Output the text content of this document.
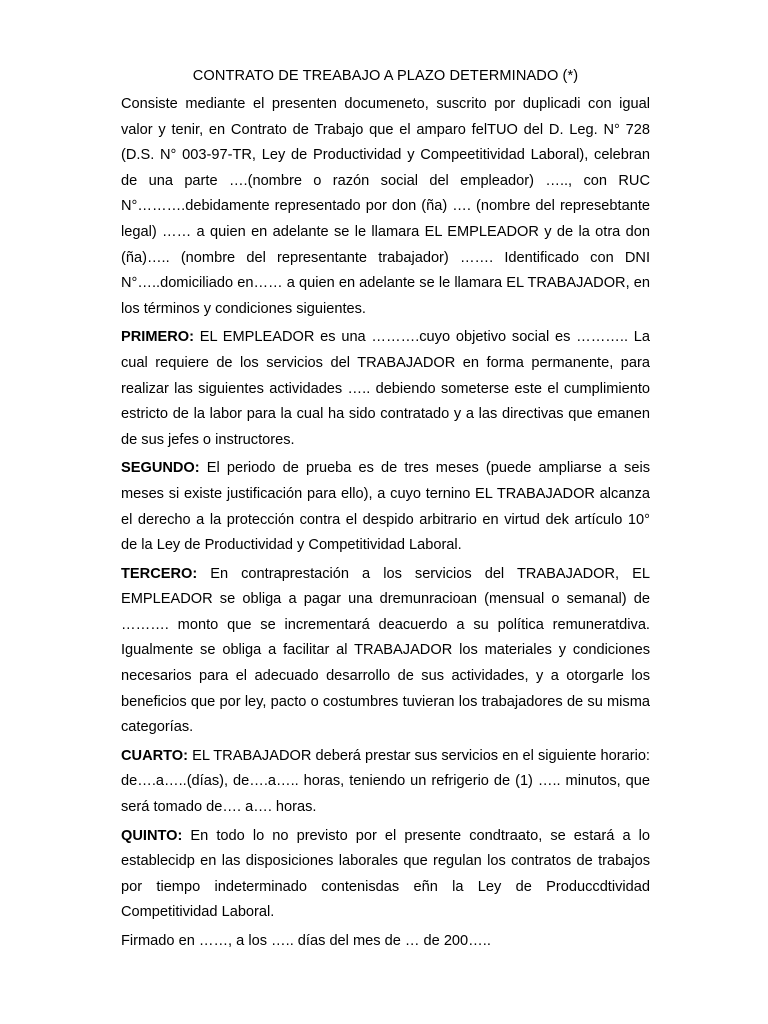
CONTRATO DE TREABAJO A PLAZO DETERMINADO (*)

Consiste mediante el presenten documeneto, suscrito por duplicadi con igual valor y tenir, en Contrato de Trabajo que el amparo felTUO del D. Leg. N° 728 (D.S. N° 003-97-TR, Ley de Productividad y Compeetitividad Laboral), celebran de una parte ….(nombre o razón social del empleador) ….., con RUC N°……….debidamente representado por don (ña) …. (nombre del represebtante legal) …… a quien en adelante se le llamara EL EMPLEADOR y de la otra don (ña)….. (nombre del representante trabajador) ……. Identificado con DNI N°…..domiciliado en…… a quien en adelante se le llamara EL TRABAJADOR, en los términos y condiciones siguientes.

PRIMERO: EL EMPLEADOR es una ……….cuyo objetivo social es ……….. La cual requiere de los servicios del TRABAJADOR en forma permanente, para realizar las siguientes actividades ….. debiendo someterse este el cumplimiento estricto de la labor para la cual ha sido contratado y a las directivas que emanen de sus jefes o instructores.

SEGUNDO: El periodo de prueba es de tres meses (puede ampliarse a seis meses si existe justificación para ello), a cuyo ternino EL TRABAJADOR alcanza el derecho a la protección contra el despido arbitrario en virtud dek artículo 10° de la Ley de Productividad y Competitividad Laboral.

TERCERO: En contraprestación a los servicios del TRABAJADOR, EL EMPLEADOR se obliga a pagar una dremunracioan (mensual o semanal) de ………. monto que se incrementará deacuerdo a su política remuneratdiva. Igualmente se obliga a facilitar al TRABAJADOR los materiales y condiciones necesarios para el adecuado desarrollo de sus actividades, y a otorgarle los beneficios que por ley, pacto o costumbres tuvieran los trabajadores de su misma categorías.

CUARTO: EL TRABAJADOR deberá prestar sus servicios en el siguiente horario: de….a…..(días), de….a….. horas, teniendo un refrigerio de (1) ….. minutos, que será tomado de…. a…. horas.

QUINTO: En todo lo no previsto por el presente condtraato, se estará a lo establecidp en las disposiciones laborales que regulan los contratos de trabajos por tiempo indeterminado contenisdas eñn la Ley de Produccdtividad Competitividad Laboral.

Firmado en ……, a los ….. días del mes de … de 200…..
